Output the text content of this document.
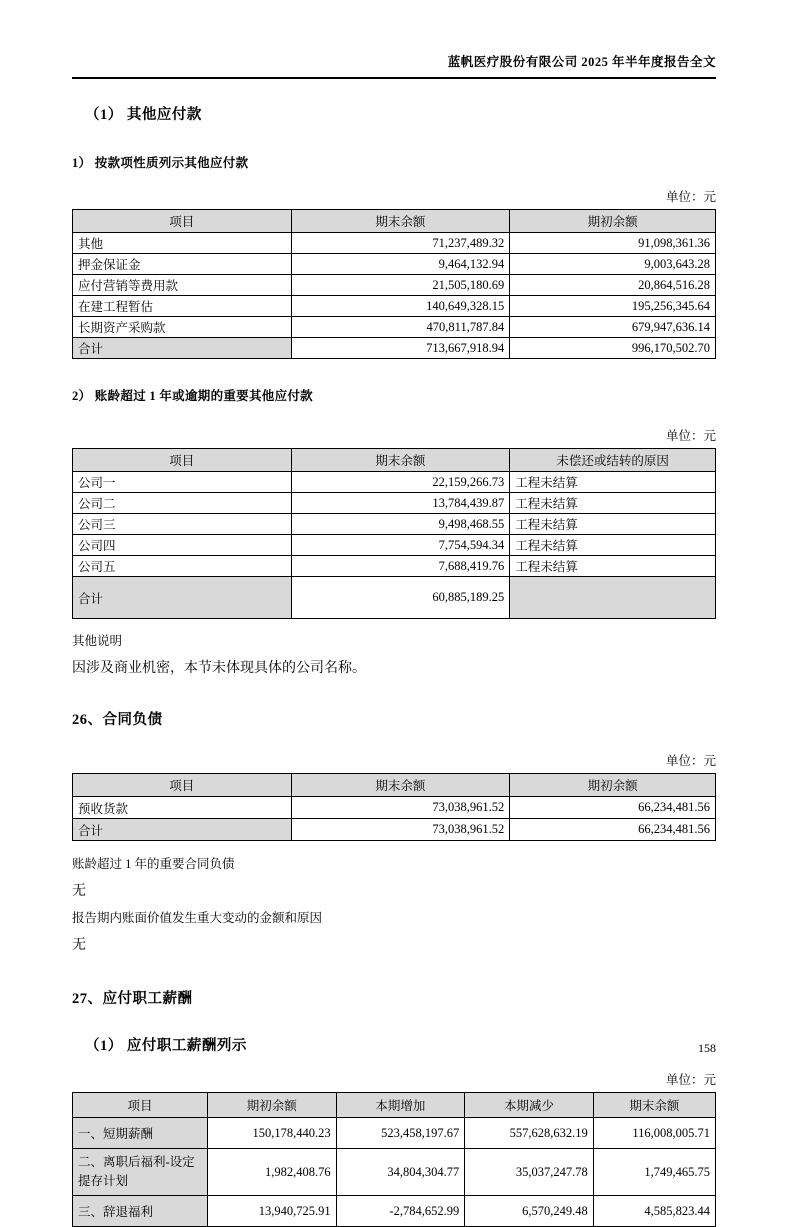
蓝帆医疗股份有限公司 2025 年半年度报告全文
（1） 其他应付款
1） 按款项性质列示其他应付款
单位：元
项目	期末余额	期初余额
其他	71,237,489.32	91,098,361.36
押金保证金	9,464,132.94	9,003,643.28
应付营销等费用款	21,505,180.69	20,864,516.28
在建工程暂估	140,649,328.15	195,256,345.64
长期资产采购款	470,811,787.84	679,947,636.14
合计	713,667,918.94	996,170,502.70
2） 账龄超过 1 年或逾期的重要其他应付款
单位：元
项目	期末余额	未偿还或结转的原因
公司一	22,159,266.73	工程未结算
公司二	13,784,439.87	工程未结算
公司三	9,498,468.55	工程未结算
公司四	7,754,594.34	工程未结算
公司五	7,688,419.76	工程未结算
合计	60,885,189.25	
其他说明
因涉及商业机密，本节未体现具体的公司名称。
26、合同负债
单位：元
项目	期末余额	期初余额
预收货款	73,038,961.52	66,234,481.56
合计	73,038,961.52	66,234,481.56
账龄超过 1 年的重要合同负债
无
报告期内账面价值发生重大变动的金额和原因
无
27、应付职工薪酬
（1） 应付职工薪酬列示
单位：元
项目	期初余额	本期增加	本期减少	期末余额
一、短期薪酬	150,178,440.23	523,458,197.67	557,628,632.19	116,008,005.71
二、离职后福利-设定提存计划	1,982,408.76	34,804,304.77	35,037,247.78	1,749,465.75
三、辞退福利	13,940,725.91	-2,784,652.99	6,570,249.48	4,585,823.44
158
